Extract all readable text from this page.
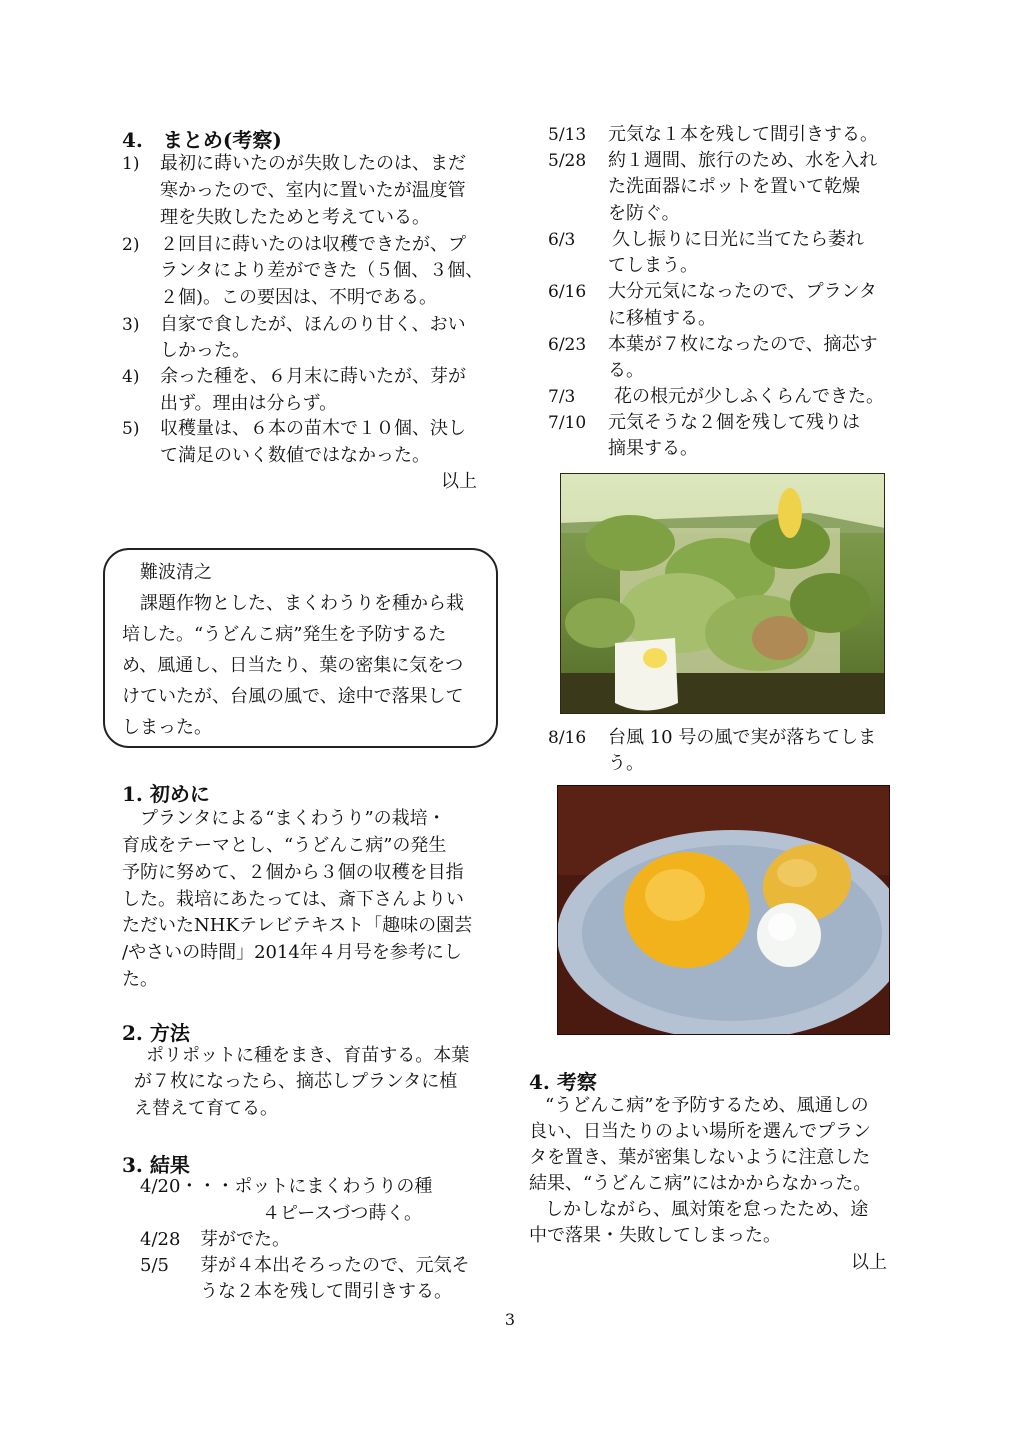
4.　まとめ(考察)
1) 最初に蒔いたのが失敗したのは、まだ
寒かったので、室内に置いたが温度管
理を失敗したためと考えている。
2) ２回目に蒔いたのは収穫できたが、プ
ランタにより差ができた（５個、３個、
２個)。この要因は、不明である。
3) 自家で食したが、ほんのり甘く、おい
しかった。
4) 余った種を、６月末に蒔いたが、芽が
出ず。理由は分らず。
5) 収穫量は、６本の苗木で１０個、決し
て満足のいく数値ではなかった。
以上
難波清之
課題作物とした、まくわうりを種から栽
培した。“うどんこ病”発生を予防するた
め、風通し、日当たり、葉の密集に気をつ
けていたが、台風の風で、途中で落果して
しまった。
1. 初めに
プランタによる“まくわうり”の栽培・
育成をテーマとし、“うどんこ病”の発生
予防に努めて、２個から３個の収穫を目指
した。栽培にあたっては、斎下さんよりい
ただいたNHKテレビテキスト「趣味の園芸
/やさいの時間」2014年４月号を参考にし
た。
2. 方法
ポリポットに種をまき、育苗する。本葉
が７枚になったら、摘芯しプランタに植
え替えて育てる。
3. 結果
4/20・・・ポットにまくわうりの種
４ピースづつ蒔く。
4/28 芽がでた。
5/5 芽が４本出そろったので、元気そ
うな２本を残して間引きする。
5/13 元気な１本を残して間引きする。
5/28 約１週間、旅行のため、水を入れ
た洗面器にポットを置いて乾燥
を防ぐ。
6/3 久し振りに日光に当てたら萎れ
てしまう。
6/16 大分元気になったので、プランタ
に移植する。
6/23 本葉が７枚になったので、摘芯す
る。
7/3 花の根元が少しふくらんできた。
7/10 元気そうな２個を残して残りは
摘果する。
8/16 台風 10 号の風で実が落ちてしま
う。
4. 考察
“うどんこ病”を予防するため、風通しの
良い、日当たりのよい場所を選んでプラン
タを置き、葉が密集しないように注意した
結果、“うどんこ病”にはかからなかった。
しかしながら、風対策を怠ったため、途
中で落果・失敗してしまった。
以上
3
